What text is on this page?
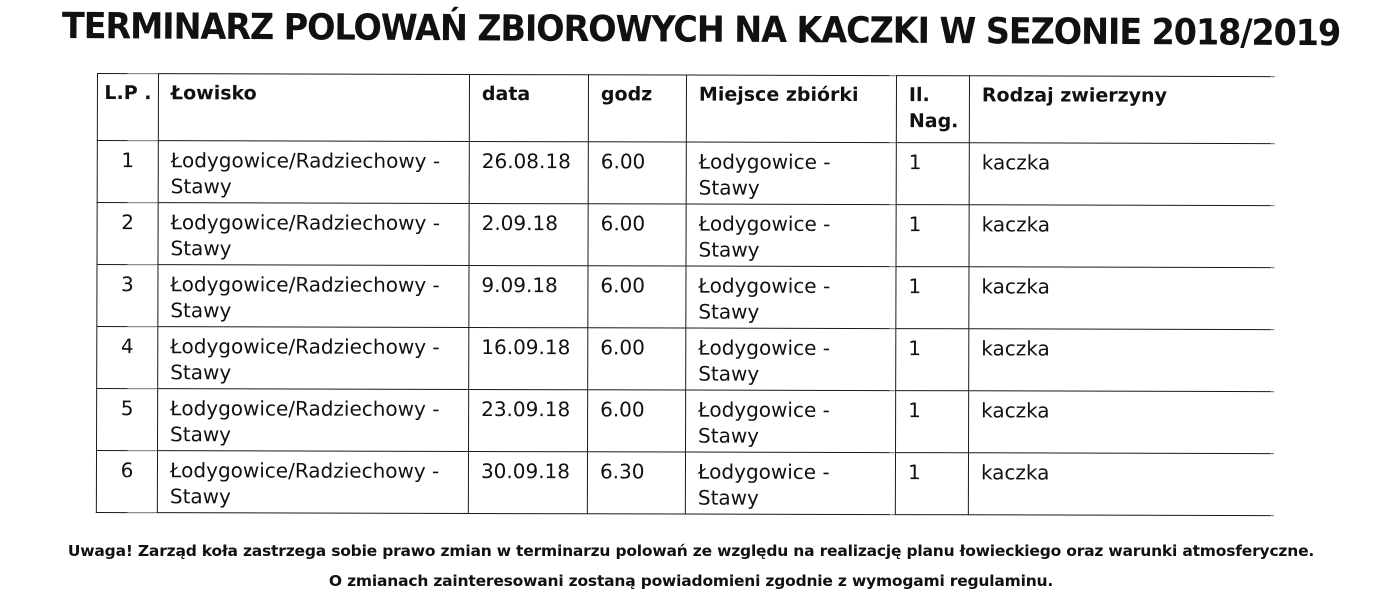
TERMINARZ POLOWAŃ ZBIOROWYCH NA KACZKI W SEZONIE 2018/2019
L.P .	Łowisko	data	godz	Miejsce zbiórki	Il. Nag.	Rodzaj zwierzyny
1	Łodygowice/Radziechowy - Stawy	26.08.18	6.00	Łodygowice - Stawy	1	kaczka
2	Łodygowice/Radziechowy - Stawy	2.09.18	6.00	Łodygowice - Stawy	1	kaczka
3	Łodygowice/Radziechowy - Stawy	9.09.18	6.00	Łodygowice - Stawy	1	kaczka
4	Łodygowice/Radziechowy - Stawy	16.09.18	6.00	Łodygowice - Stawy	1	kaczka
5	Łodygowice/Radziechowy - Stawy	23.09.18	6.00	Łodygowice - Stawy	1	kaczka
6	Łodygowice/Radziechowy - Stawy	30.09.18	6.30	Łodygowice - Stawy	1	kaczka
Uwaga! Zarząd koła zastrzega sobie prawo zmian w terminarzu polowań ze względu na realizację planu łowieckiego oraz warunki atmosferyczne.
O zmianach zainteresowani zostaną powiadomieni zgodnie z wymogami regulaminu.
